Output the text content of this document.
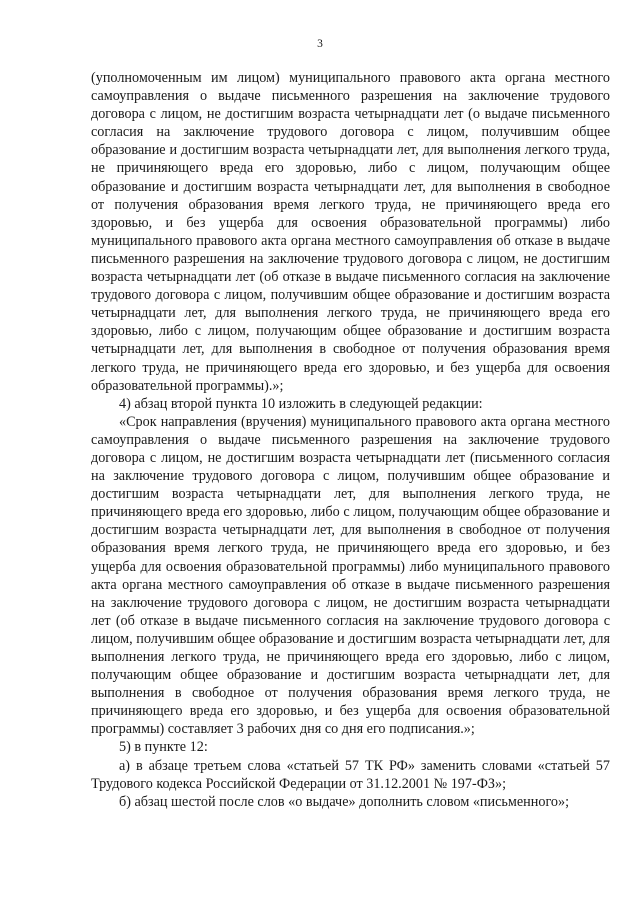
3

(уполномоченным им лицом) муниципального правового акта органа местного самоуправления о выдаче письменного разрешения на заключение трудового договора с лицом, не достигшим возраста четырнадцати лет (о выдаче письменного согласия на заключение трудового договора с лицом, получившим общее образование и достигшим возраста четырнадцати лет, для выполнения легкого труда, не причиняющего вреда его здоровью, либо с лицом, получающим общее образование и достигшим возраста четырнадцати лет, для выполнения в свободное от получения образования время легкого труда, не причиняющего вреда его здоровью, и без ущерба для освоения образовательной программы) либо муниципального правового акта органа местного самоуправления об отказе в выдаче письменного разрешения на заключение трудового договора с лицом, не достигшим возраста четырнадцати лет (об отказе в выдаче письменного согласия на заключение трудового договора с лицом, получившим общее образование и достигшим возраста четырнадцати лет, для выполнения легкого труда, не причиняющего вреда его здоровью, либо с лицом, получающим общее образование и достигшим возраста четырнадцати лет, для выполнения в свободное от получения образования время легкого труда, не причиняющего вреда его здоровью, и без ущерба для освоения образовательной программы).»;

4) абзац второй пункта 10 изложить в следующей редакции:

«Срок направления (вручения) муниципального правового акта органа местного самоуправления о выдаче письменного разрешения на заключение трудового договора с лицом, не достигшим возраста четырнадцати лет (письменного согласия на заключение трудового договора с лицом, получившим общее образование и достигшим возраста четырнадцати лет, для выполнения легкого труда, не причиняющего вреда его здоровью, либо с лицом, получающим общее образование и достигшим возраста четырнадцати лет, для выполнения в свободное от получения образования время легкого труда, не причиняющего вреда его здоровью, и без ущерба для освоения образовательной программы) либо муниципального правового акта органа местного самоуправления об отказе в выдаче письменного разрешения на заключение трудового договора с лицом, не достигшим возраста четырнадцати лет (об отказе в выдаче письменного согласия на заключение трудового договора с лицом, получившим общее образование и достигшим возраста четырнадцати лет, для выполнения легкого труда, не причиняющего вреда его здоровью, либо с лицом, получающим общее образование и достигшим возраста четырнадцати лет, для выполнения в свободное от получения образования время легкого труда, не причиняющего вреда его здоровью, и без ущерба для освоения образовательной программы) составляет 3 рабочих дня со дня его подписания.»;

5) в пункте 12:

а) в абзаце третьем слова «статьей 57 ТК РФ» заменить словами «статьей 57 Трудового кодекса Российской Федерации от 31.12.2001 № 197-ФЗ»;

б) абзац шестой после слов «о выдаче» дополнить словом «письменного»;
